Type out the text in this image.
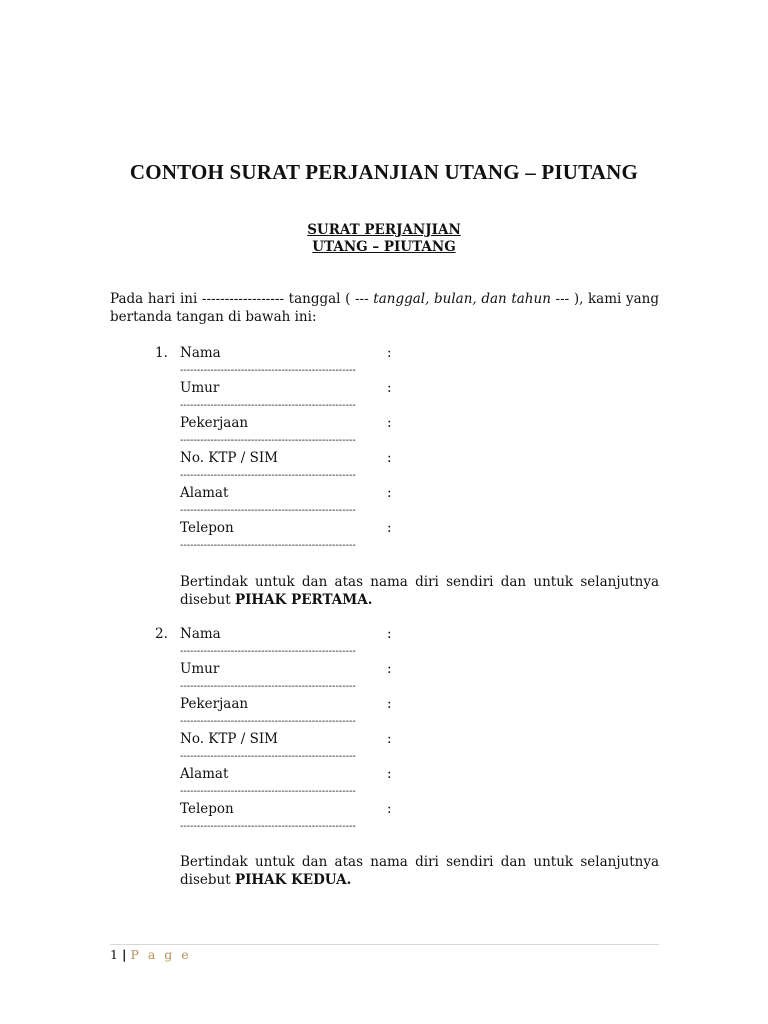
CONTOH SURAT PERJANJIAN UTANG – PIUTANG
SURAT PERJANJIAN
UTANG – PIUTANG
Pada hari ini ------------------ tanggal ( --- tanggal, bulan, dan tahun --- ), kami yang bertanda tangan di bawah ini:
1. Nama	:
----------------------------------------------------
Umur	:
----------------------------------------------------
Pekerjaan	:
----------------------------------------------------
No. KTP / SIM	:
----------------------------------------------------
Alamat	:
----------------------------------------------------
Telepon	:
----------------------------------------------------
Bertindak untuk dan atas nama diri sendiri dan untuk selanjutnya disebut PIHAK PERTAMA.
2. Nama	:
----------------------------------------------------
Umur	:
----------------------------------------------------
Pekerjaan	:
----------------------------------------------------
No. KTP / SIM	:
----------------------------------------------------
Alamat	:
----------------------------------------------------
Telepon	:
----------------------------------------------------
Bertindak untuk dan atas nama diri sendiri dan untuk selanjutnya disebut PIHAK KEDUA.
1 | P a g e
